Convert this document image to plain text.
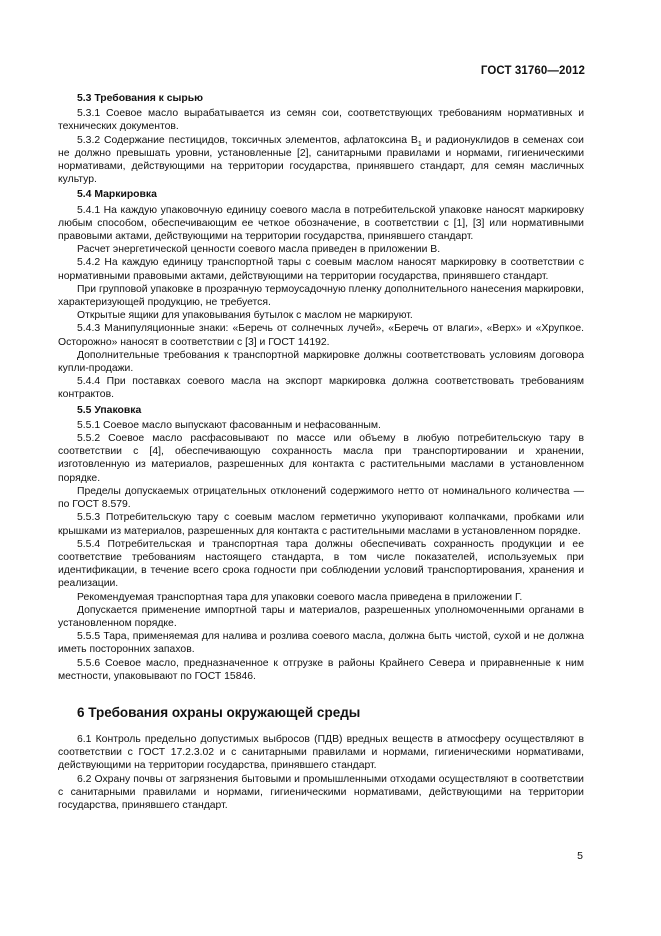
ГОСТ 31760—2012

5.3 Требования к сырью

5.3.1 Соевое масло вырабатывается из семян сои, соответствующих требованиям нормативных и технических документов.

5.3.2 Содержание пестицидов, токсичных элементов, афлатоксина $B_1$ и радионуклидов в семенах сои не должно превышать уровни, установленные [2], санитарными правилами и нормами, гигиеническими нормативами, действующими на территории государства, принявшего стандарт, для семян масличных культур.

5.4 Маркировка

5.4.1 На каждую упаковочную единицу соевого масла в потребительской упаковке наносят маркировку любым способом, обеспечивающим ее четкое обозначение, в соответствии с [1], [3] или нормативными правовыми актами, действующими на территории государства, принявшего стандарт.

Расчет энергетической ценности соевого масла приведен в приложении В.

5.4.2 На каждую единицу транспортной тары с соевым маслом наносят маркировку в соответствии с нормативными правовыми актами, действующими на территории государства, принявшего стандарт.

При групповой упаковке в прозрачную термоусадочную пленку дополнительного нанесения маркировки, характеризующей продукцию, не требуется.

Открытые ящики для упаковывания бутылок с маслом не маркируют.

5.4.3 Манипуляционные знаки: «Беречь от солнечных лучей», «Беречь от влаги», «Верх» и «Хрупкое. Осторожно» наносят в соответствии с [3] и ГОСТ 14192.

Дополнительные требования к транспортной маркировке должны соответствовать условиям договора купли-продажи.

5.4.4 При поставках соевого масла на экспорт маркировка должна соответствовать требованиям контрактов.

5.5 Упаковка

5.5.1 Соевое масло выпускают фасованным и нефасованным.

5.5.2 Соевое масло расфасовывают по массе или объему в любую потребительскую тару в соответствии с [4], обеспечивающую сохранность масла при транспортировании и хранении, изготовленную из материалов, разрешенных для контакта с растительными маслами в установленном порядке.

Пределы допускаемых отрицательных отклонений содержимого нетто от номинального количества — по ГОСТ 8.579.

5.5.3 Потребительскую тару с соевым маслом герметично укупоривают колпачками, пробками или крышками из материалов, разрешенных для контакта с растительными маслами в установленном порядке.

5.5.4 Потребительская и транспортная тара должны обеспечивать сохранность продукции и ее соответствие требованиям настоящего стандарта, в том числе показателей, используемых при идентификации, в течение всего срока годности при соблюдении условий транспортирования, хранения и реализации.

Рекомендуемая транспортная тара для упаковки соевого масла приведена в приложении Г.

Допускается применение импортной тары и материалов, разрешенных уполномоченными органами в установленном порядке.

5.5.5 Тара, применяемая для налива и розлива соевого масла, должна быть чистой, сухой и не должна иметь посторонних запахов.

5.5.6 Соевое масло, предназначенное к отгрузке в районы Крайнего Севера и приравненные к ним местности, упаковывают по ГОСТ 15846.

6 Требования охраны окружающей среды

6.1 Контроль предельно допустимых выбросов (ПДВ) вредных веществ в атмосферу осуществляют в соответствии с ГОСТ 17.2.3.02 и с санитарными правилами и нормами, гигиеническими нормативами, действующими на территории государства, принявшего стандарт.

6.2 Охрану почвы от загрязнения бытовыми и промышленными отходами осуществляют в соответствии с санитарными правилами и нормами, гигиеническими нормативами, действующими на территории государства, принявшего стандарт.

5
